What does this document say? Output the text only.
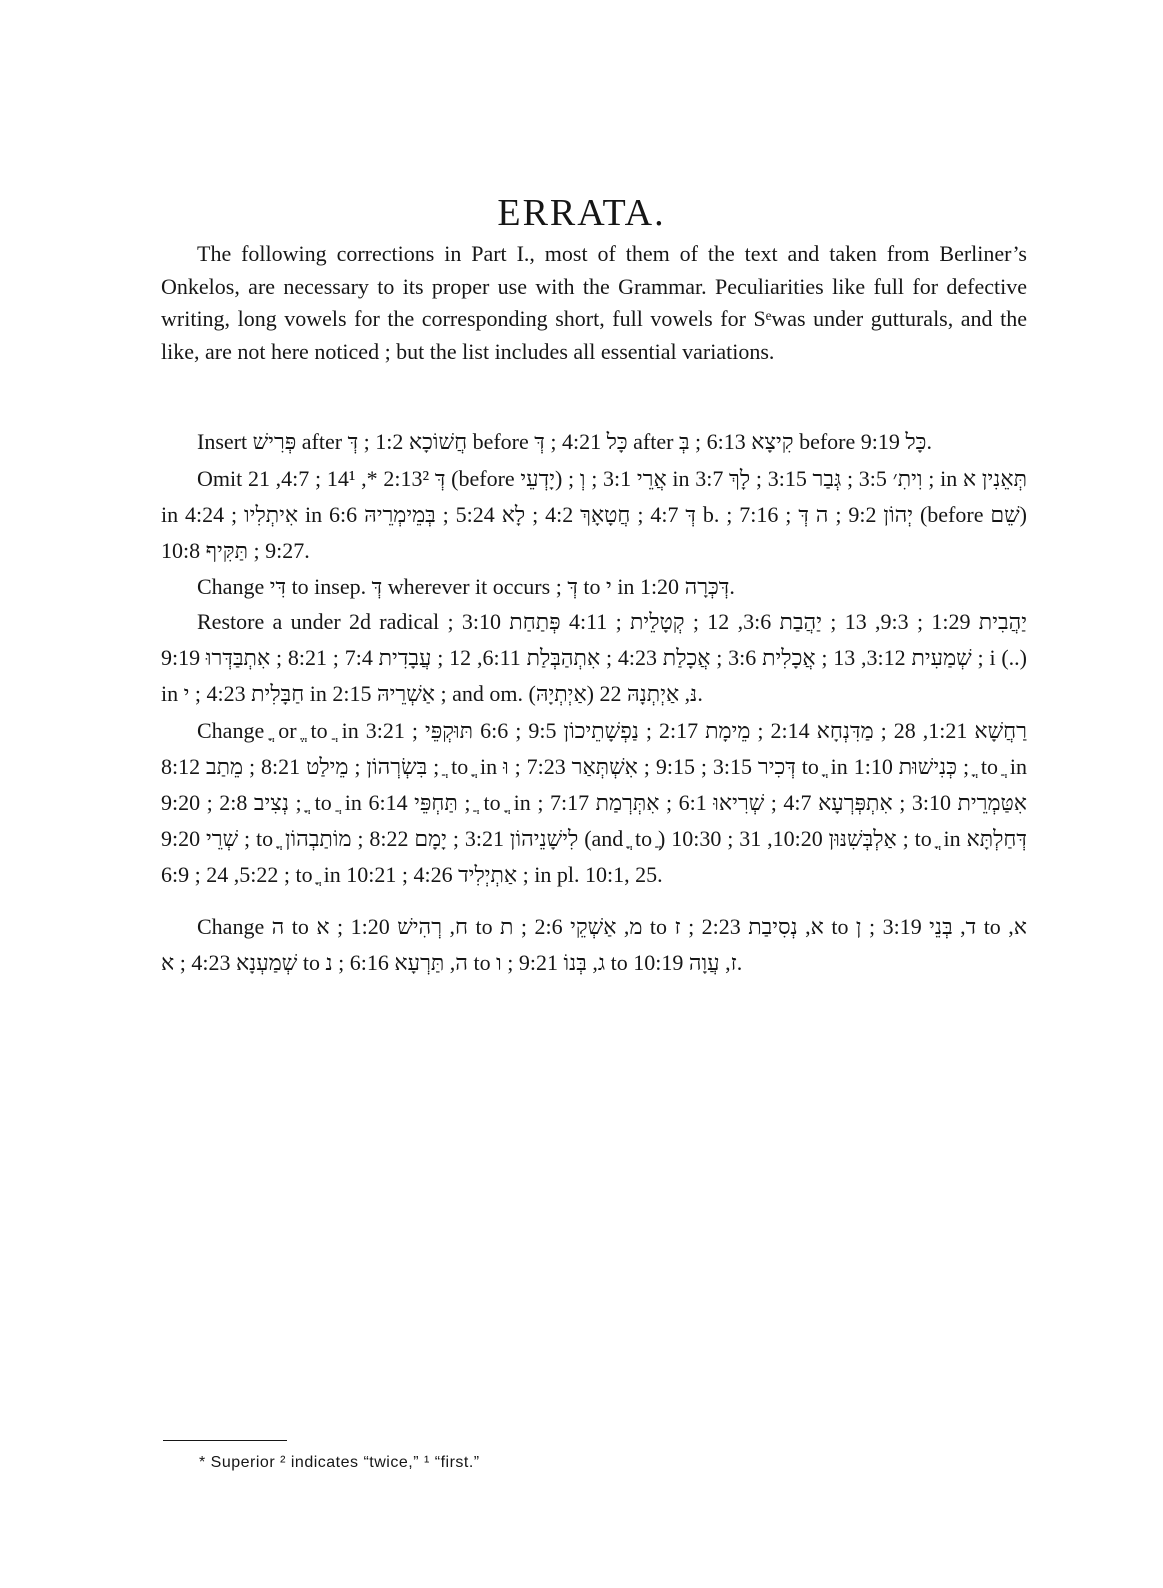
ERRATA.

The following corrections in Part I., most of them of the text and taken from Berliner’s Onkelos, are necessary to its proper use with the Grammar. Peculiarities like full for defective writing, long vowels for the corresponding short, full vowels for Sᵉwas under gutturals, and the like, are not here noticed ; but the list includes all essential variations.

Insert פְּרִישׁ after חֲשׁוֹכָא 1:2 ; דְּ before כָּל 4:21 ; דְּ after קִיצָא 6:13 ; בְּ before כָּל 9:19.

Omit דְּ 2:13² *, 14¹ ; 4:7, 21 (before יָדְעֵי) ; אֲרֵי 3:1 ; וְ in וִיתִ׳ 3:5 ; גְּבַר 3:15 ; לָךְ 3:7 ; in תְּאֵנִין א in 4:24 ; אִיתְלִיו in דְּ 4:7 ; חֲטָאָךְ 4:2 ; לָא 5:24 ; בְּמֵימְרֵיהּ 6:6 b. ; 7:16 ; יְהוֹן 9:2 ; ה דְּ (before שֵׁם) 9:27 ; תַּקִּיף 10:8.

Change דִּי to insep. דְּ wherever it occurs ; דְּ to י in דְּכְּרָה 1:20.

Restore a under 2d radical יַהֲבִית 1:29 ; 9:3, 13 ; יַהֲבַת 3:6, 12 ; קְטָלֵית ; 4:11 פְּתַחַת 3:10 ; שְׁמַעִית 3:12, 13 ; אֲכָלִית 3:6 ; אֲכָלַת 4:23 ; אִתְהַבְּלַת 6:11, 12 ; עֲבָדִית 7:4 ; 8:21 ; אִתְבַּדְּרוּ 9:19 ; i (..) in חַבָּלִית 4:23 ; י in אַשְׁרֵיהּ 2:15 ; and om. נּ, אַיְתְנָהּ 22 (אַיְתְיָהּ).

Change ֳ or ֱ to ֲ in רַחֲשָׁא 1:21, 28 ; מַדִּנְחָא 2:14 ; מֵימָת 2:17 ; נַפְשָׁתֵיכוֹן 9:5 ; 6:6 תּוּקְפֵּי ; 3:21 בִּשְׂרְהוֹן ; מֵילַט 8:21 ; מֵתַב 8:12 ; ֲ to ֳ in דְּכִיר 3:15 ; 9:15 ; אִשְׁתְּאַר 7:23 ; וּ to ֳ in כְּנִישׁוּת 1:10 ; ֳ to ֲ in נְצִיב 2:8 ; 9:20 ; ֳ to ֲ in תַּחְפֵּי 6:14 ; ֲ to ֳ in אִטַּמְרֵית 3:10 ; אִתְפְּרְעָא 4:7 ; שְׁרִיאוּ 6:1 ; אִתְּרְמַת 7:17 ; שְׁרֵי 9:20 ; to ֳ לִישָׁנֵיהוֹן 3:21 ; יָמָם 8:22 ; מוֹתַבְהוֹן (and ֳ to ֲ) 10:30 ; אַלְבְּשִׁנּוּן 10:20, 31 ; to ֳ in דְּחַלְתָּא 5:22, 24 ; 6:9 ; to ֳ in אַתְיְלִיד 4:26 ; 10:21 ; in pl. 10:1, 25.

Change ה to ח, רְהִישׁ 1:20 ; א to מ, אַשְׁקֵי 2:6 ; ת to א, נְסִיבַת 2:23 ; ז to ד, בְּנֵי 3:19 ; ן to א, שְׁמַעְנָא 4:23 ; א to ה, תַּרְעָא 6:16 ; נ to ג, בְּנוֹ 9:21 ; ו to ז, עֲוָה 10:19.

* Superior ² indicates “twice,” ¹ “first.”
